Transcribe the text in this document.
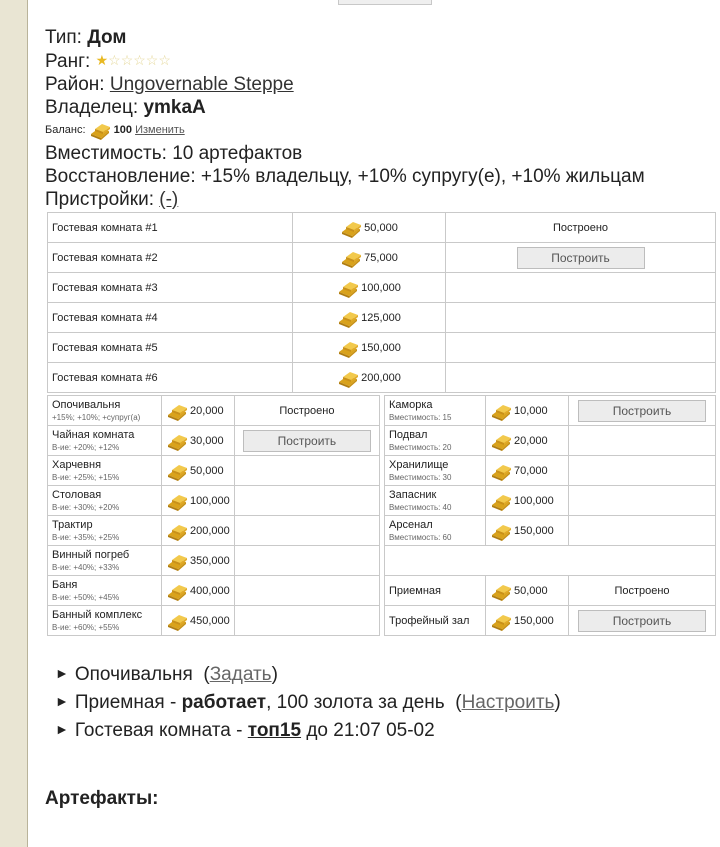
Тип: Дом
Ранг: ★☆☆☆☆☆
Район: Ungovernable Steppe
Владелец: ymkaA
Баланс:	100 Изменить
Вместимость: 10 артефактов
Восстановление: +15% владельцу, +10% супругу(е), +10% жильцам
Пристройки: (-)
Гостевая комната #1	50,000	Построено
Гостевая комната #2	75,000	Построить
Гостевая комната #3	100,000	
Гостевая комната #4	125,000	
Гостевая комната #5	150,000	
Гостевая комната #6	200,000	
Опочивальня
+15%; +10%; +супруг(а)	20,000	Построено
Чайная комната
В-ие: +20%; +12%	30,000	Построить
Харчевня
В-ие: +25%; +15%	50,000	
Столовая
В-ие: +30%; +20%	100,000	
Трактир
В-ие: +35%; +25%	200,000	
Винный погреб
В-ие: +40%; +33%	350,000	
Баня
В-ие: +50%; +45%	400,000	
Банный комплекс
В-ие: +60%; +55%	450,000	
Каморка
Вместимость: 15	10,000	Построить
Подвал
Вместимость: 20	20,000	
Хранилище
Вместимость: 30	70,000	
Запасник
Вместимость: 40	100,000	
Арсенал
Вместимость: 60	150,000	

Приемная	50,000	Построено
Трофейный зал	150,000	Построить
► Опочивальня  (Задать)
► Приемная - работает, 100 золота за день  (Настроить)
► Гостевая комната - топ15 до 21:07 05-02
Артефакты:
